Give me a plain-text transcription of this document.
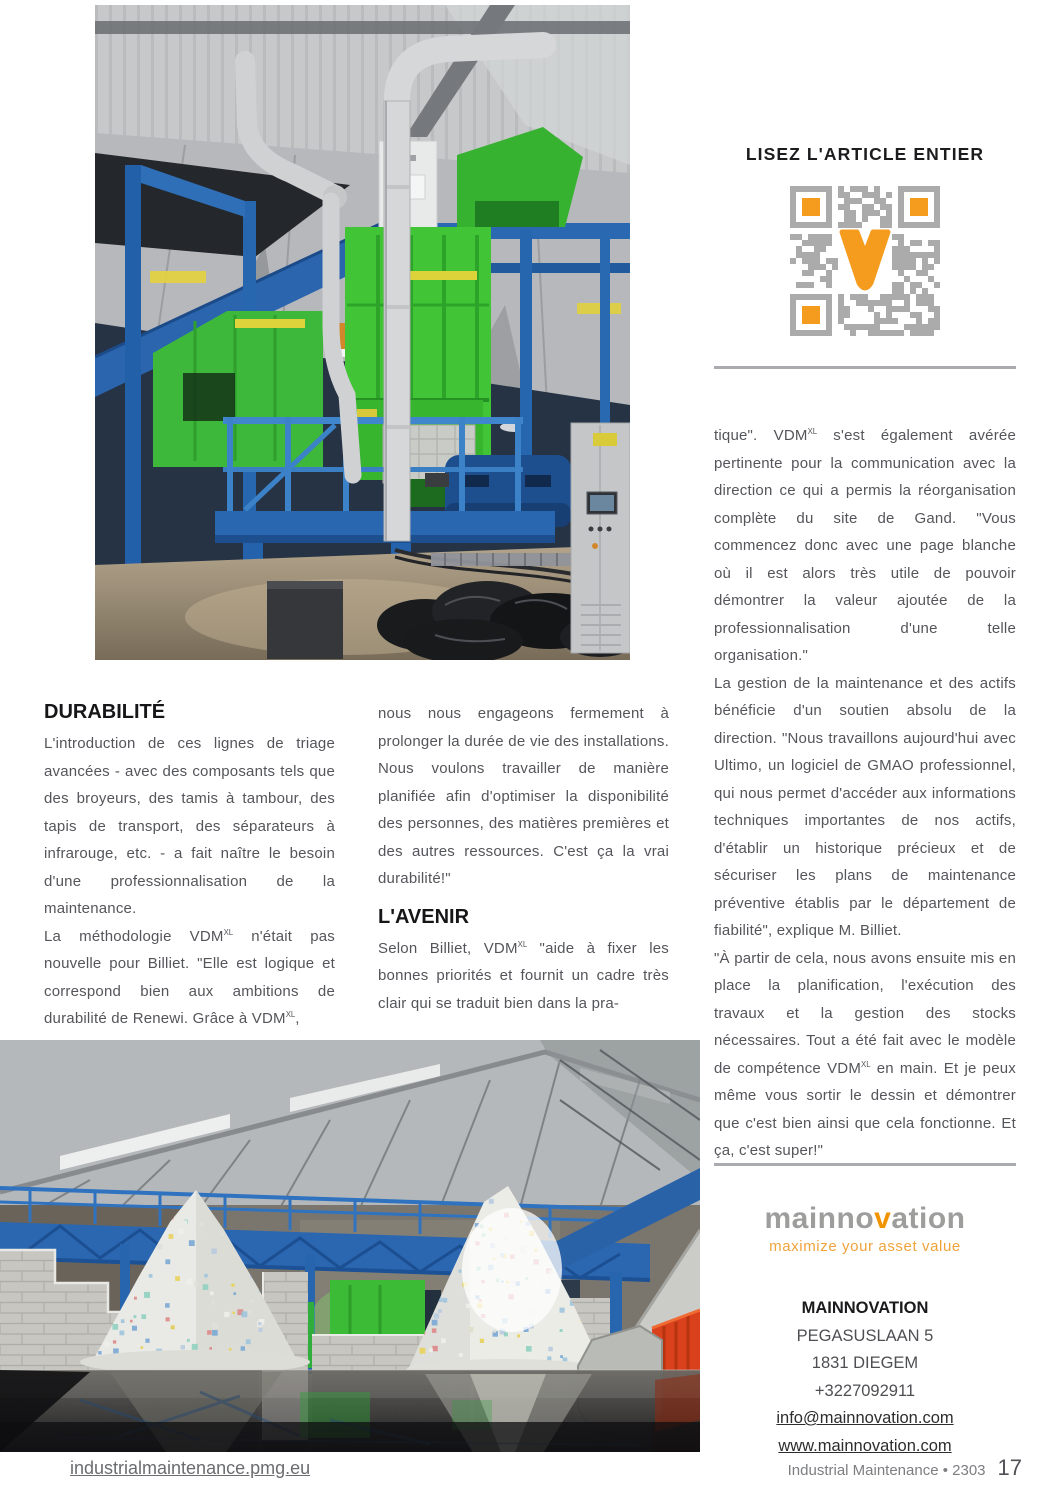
LISEZ L'ARTICLE ENTIER

tique". $VDM^{XL}$ s'est également avérée pertinente pour la communication avec la direction ce qui a permis la réorganisation complète du site de Gand. "Vous commencez donc avec une page blanche où il est alors très utile de pouvoir démontrer la valeur ajoutée de la professionnalisation d'une telle organisation."

La gestion de la maintenance et des actifs bénéficie d'un soutien absolu de la direction. "Nous travaillons aujourd'hui avec Ultimo, un logiciel de GMAO professionnel, qui nous permet d'accéder aux informations techniques importantes de nos actifs, d'établir un historique précieux et de sécuriser les plans de maintenance préventive établis par le département de fiabilité", explique M. Billiet.

"À partir de cela, nous avons ensuite mis en place la planification, l'exécution des travaux et la gestion des stocks nécessaires. Tout a été fait avec le modèle de compétence $VDM^{XL}$ en main. Et je peux même vous sortir le dessin et démontrer que c'est bien ainsi que cela fonctionne. Et ça, c'est super!"

mainnovation
maximize your asset value
MAINNOVATION
PEGASUSLAAN 5
1831 DIEGEM
+3227092911
info@mainnovation.com
www.mainnovation.com
DURABILITÉ

L'introduction de ces lignes de triage avancées - avec des composants tels que des broyeurs, des tamis à tambour, des tapis de transport, des séparateurs à infrarouge, etc. - a fait naître le besoin d'une professionnalisation de la maintenance.

La méthodologie $VDM^{XL}$ n'était pas nouvelle pour Billiet. "Elle est logique et correspond bien aux ambitions de durabilité de Renewi. Grâce à $VDM^{XL}$,

nous nous engageons fermement à prolonger la durée de vie des installations. Nous voulons travailler de manière planifiée afin d'optimiser la disponibilité des personnes, des matières premières et des autres ressources. C'est ça la vrai durabilité!"

L'AVENIR

Selon Billiet, $VDM^{XL}$ "aide à fixer les bonnes priorités et fournit un cadre très clair qui se traduit bien dans la pra-

industrialmaintenance.pmg.eu	Industrial Maintenance • 2303 17
